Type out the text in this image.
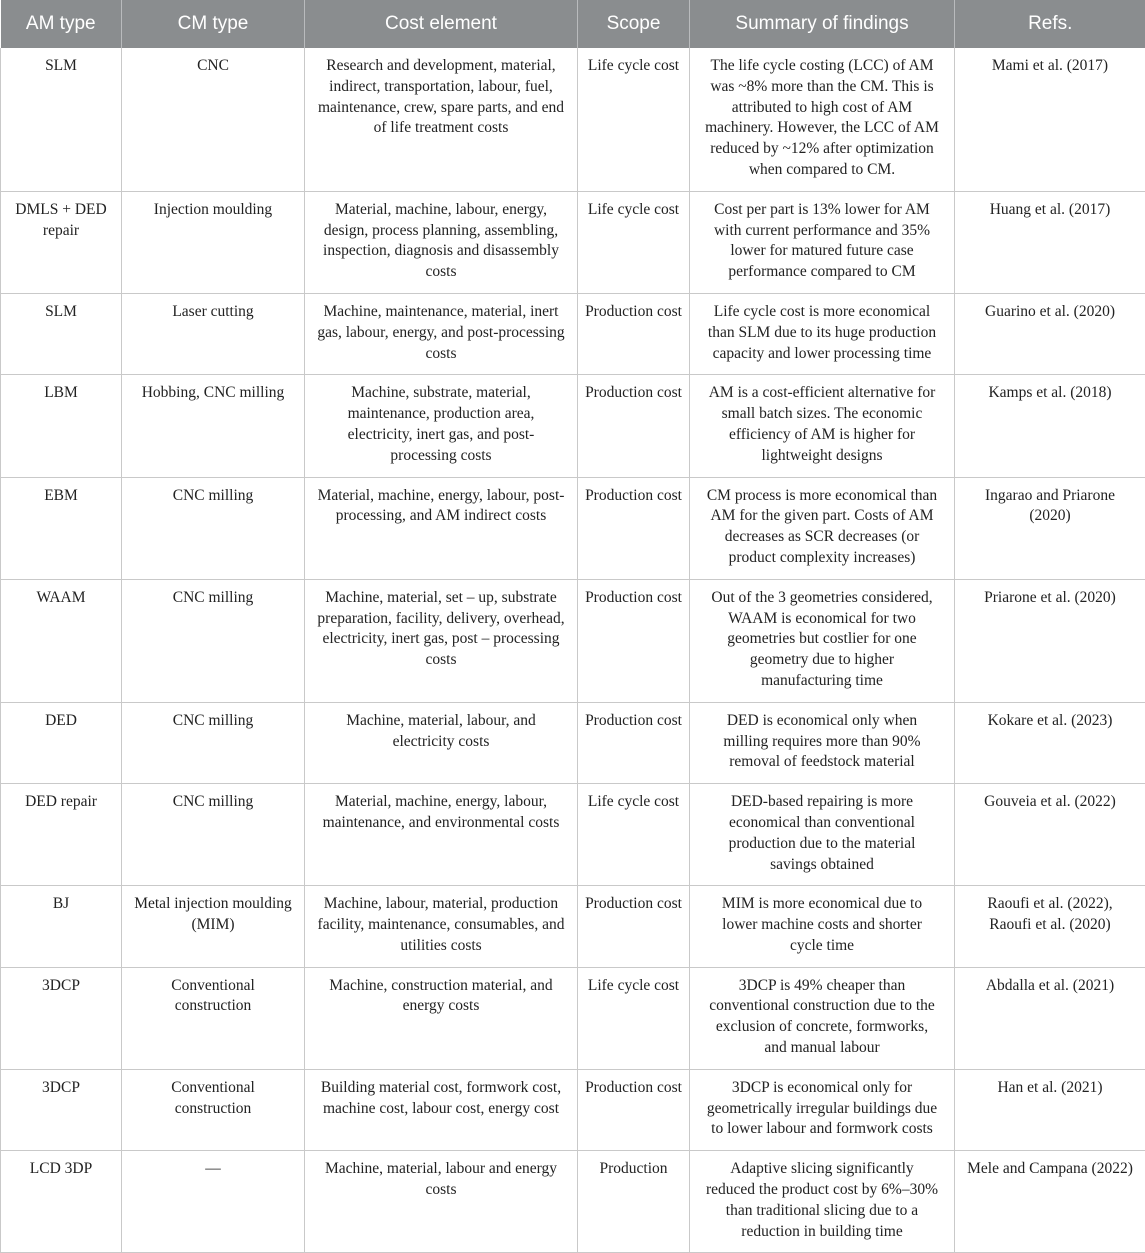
AM type	CM type	Cost element	Scope	Summary of findings	Refs.
SLM	CNC	Research and development, material, indirect, transportation, labour, fuel, maintenance, crew, spare parts, and end of life treatment costs	Life cycle cost	The life cycle costing (LCC) of AM was ~8% more than the CM. This is attributed to high cost of AM machinery. However, the LCC of AM reduced by ~12% after optimization when compared to CM.	Mami et al. (2017)
DMLS + DED repair	Injection moulding	Material, machine, labour, energy, design, process planning, assembling, inspection, diagnosis and disassembly costs	Life cycle cost	Cost per part is 13% lower for AM with current performance and 35% lower for matured future case performance compared to CM	Huang et al. (2017)
SLM	Laser cutting	Machine, maintenance, material, inert gas, labour, energy, and post-processing costs	Production cost	Life cycle cost is more economical than SLM due to its huge production capacity and lower processing time	Guarino et al. (2020)
LBM	Hobbing, CNC milling	Machine, substrate, material, maintenance, production area, electricity, inert gas, and post-processing costs	Production cost	AM is a cost-efficient alternative for small batch sizes. The economic efficiency of AM is higher for lightweight designs	Kamps et al. (2018)
EBM	CNC milling	Material, machine, energy, labour, post-processing, and AM indirect costs	Production cost	CM process is more economical than AM for the given part. Costs of AM decreases as SCR decreases (or product complexity increases)	Ingarao and Priarone (2020)
WAAM	CNC milling	Machine, material, set – up, substrate preparation, facility, delivery, overhead, electricity, inert gas, post – processing costs	Production cost	Out of the 3 geometries considered, WAAM is economical for two geometries but costlier for one geometry due to higher manufacturing time	Priarone et al. (2020)
DED	CNC milling	Machine, material, labour, and electricity costs	Production cost	DED is economical only when milling requires more than 90% removal of feedstock material	Kokare et al. (2023)
DED repair	CNC milling	Material, machine, energy, labour, maintenance, and environmental costs	Life cycle cost	DED-based repairing is more economical than conventional production due to the material savings obtained	Gouveia et al. (2022)
BJ	Metal injection moulding (MIM)	Machine, labour, material, production facility, maintenance, consumables, and utilities costs	Production cost	MIM is more economical due to lower machine costs and shorter cycle time	Raoufi et al. (2022), Raoufi et al. (2020)
3DCP	Conventional construction	Machine, construction material, and energy costs	Life cycle cost	3DCP is 49% cheaper than conventional construction due to the exclusion of concrete, formworks, and manual labour	Abdalla et al. (2021)
3DCP	Conventional construction	Building material cost, formwork cost, machine cost, labour cost, energy cost	Production cost	3DCP is economical only for geometrically irregular buildings due to lower labour and formwork costs	Han et al. (2021)
LCD 3DP	—	Machine, material, labour and energy costs	Production	Adaptive slicing significantly reduced the product cost by 6%–30% than traditional slicing due to a reduction in building time	Mele and Campana (2022)
